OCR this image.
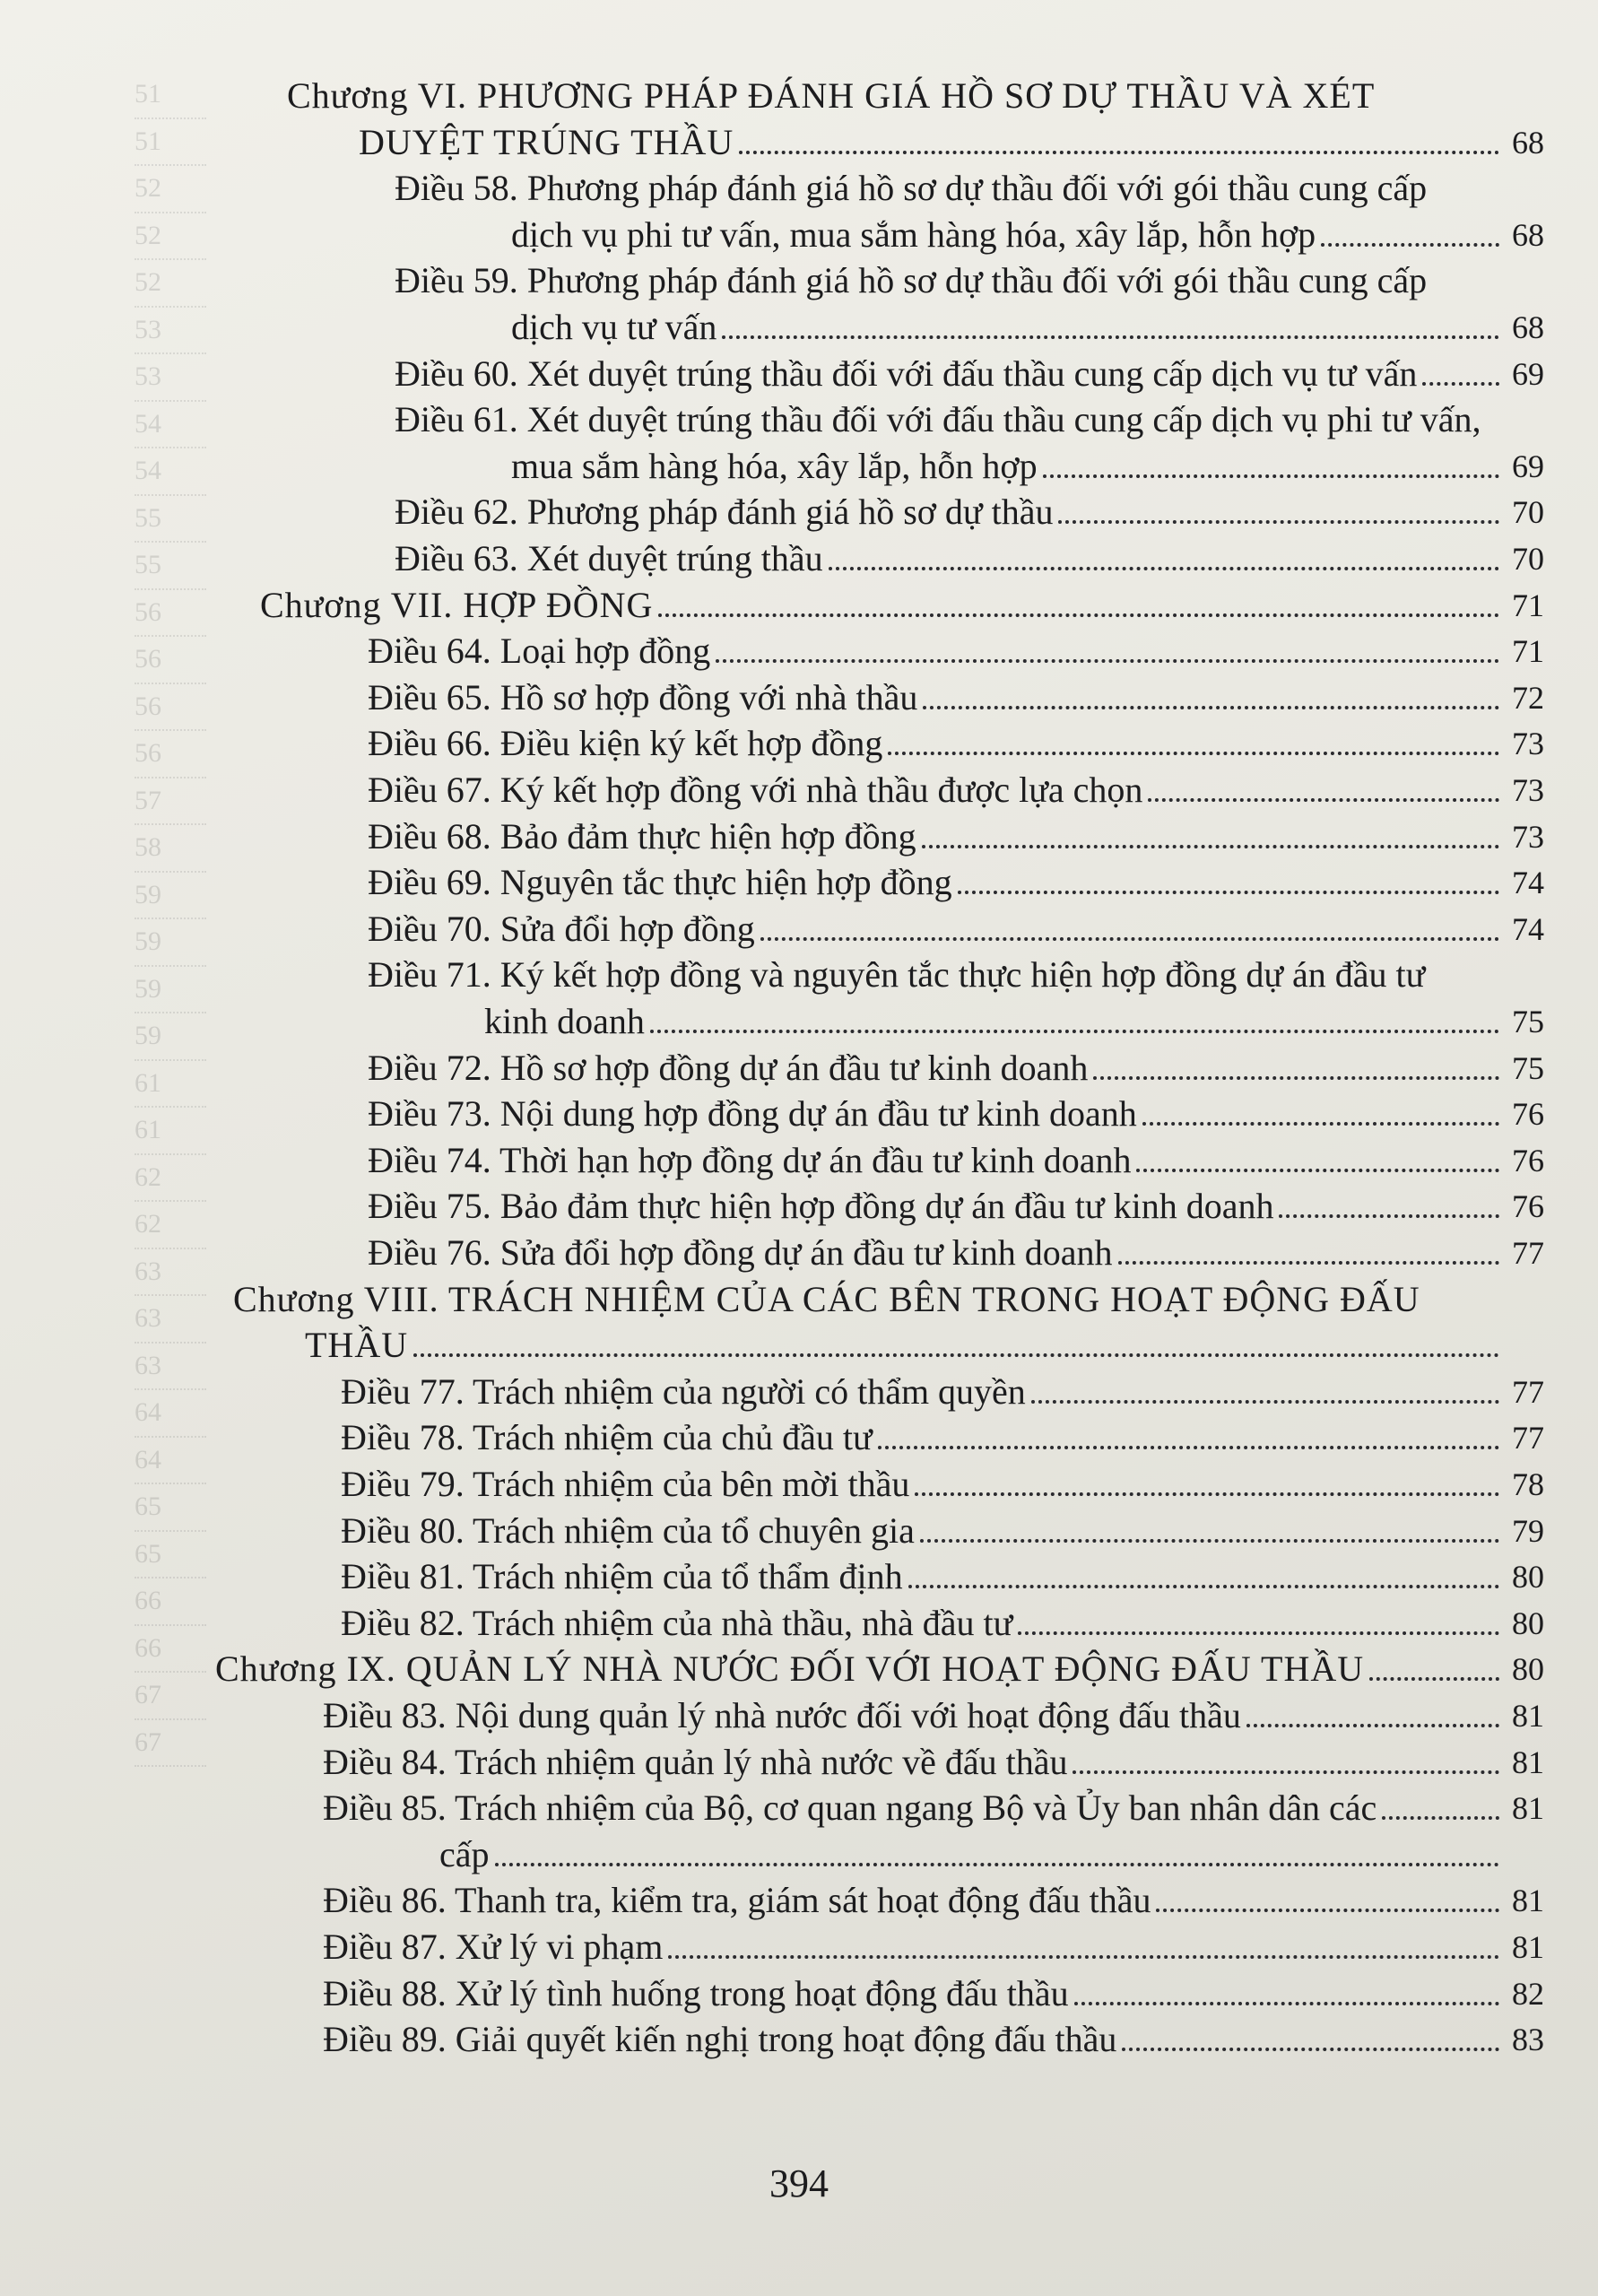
51
51
52
52
52
53
53
54
54
55
55
56
56
56
56
57
58
59
59
59
59
61
61
62
62
63
63
63
64
64
65
65
66
66
67
67
Chương VI. PHƯƠNG PHÁP ĐÁNH GIÁ HỒ SƠ DỰ THẦU VÀ XÉT
DUYỆT TRÚNG THẦU	68
Điều 58. Phương pháp đánh giá hồ sơ dự thầu đối với gói thầu cung cấp
dịch vụ phi tư vấn, mua sắm hàng hóa, xây lắp, hỗn hợp	68
Điều 59. Phương pháp đánh giá hồ sơ dự thầu đối với gói thầu cung cấp
dịch vụ tư vấn	68
Điều 60. Xét duyệt trúng thầu đối với đấu thầu cung cấp dịch vụ tư vấn	69
Điều 61. Xét duyệt trúng thầu đối với đấu thầu cung cấp dịch vụ phi tư vấn,
mua sắm hàng hóa, xây lắp, hỗn hợp	69
Điều 62. Phương pháp đánh giá hồ sơ dự thầu	70
Điều 63. Xét duyệt trúng thầu	70
Chương VII. HỢP ĐỒNG	71
Điều 64. Loại hợp đồng	71
Điều 65. Hồ sơ hợp đồng với nhà thầu	72
Điều 66. Điều kiện ký kết hợp đồng	73
Điều 67. Ký kết hợp đồng với nhà thầu được lựa chọn	73
Điều 68. Bảo đảm thực hiện hợp đồng	73
Điều 69. Nguyên tắc thực hiện hợp đồng	74
Điều 70. Sửa đổi hợp đồng	74
Điều 71. Ký kết hợp đồng và nguyên tắc thực hiện hợp đồng dự án đầu tư
kinh doanh	75
Điều 72. Hồ sơ hợp đồng dự án đầu tư kinh doanh	75
Điều 73. Nội dung hợp đồng dự án đầu tư kinh doanh	76
Điều 74. Thời hạn hợp đồng dự án đầu tư kinh doanh	76
Điều 75. Bảo đảm thực hiện hợp đồng dự án đầu tư kinh doanh	76
Điều 76. Sửa đổi hợp đồng dự án đầu tư kinh doanh	77
Chương VIII. TRÁCH NHIỆM CỦA CÁC BÊN TRONG HOẠT ĐỘNG ĐẤU
THẦU
Điều 77. Trách nhiệm của người có thẩm quyền	77
Điều 78. Trách nhiệm của chủ đầu tư	77
Điều 79. Trách nhiệm của bên mời thầu	78
Điều 80. Trách nhiệm của tổ chuyên gia	79
Điều 81. Trách nhiệm của tổ thẩm định	80
Điều 82. Trách nhiệm của nhà thầu, nhà đầu tư	80
Chương IX. QUẢN LÝ NHÀ NƯỚC ĐỐI VỚI HOẠT ĐỘNG ĐẤU THẦU	80
Điều 83. Nội dung quản lý nhà nước đối với hoạt động đấu thầu	81
Điều 84. Trách nhiệm quản lý nhà nước về đấu thầu	81
Điều 85. Trách nhiệm của Bộ, cơ quan ngang Bộ và Ủy ban nhân dân các	81
cấp
Điều 86. Thanh tra, kiểm tra, giám sát hoạt động đấu thầu	81
Điều 87. Xử lý vi phạm	81
Điều 88. Xử lý tình huống trong hoạt động đấu thầu	82
Điều 89. Giải quyết kiến nghị trong hoạt động đấu thầu	83
394
